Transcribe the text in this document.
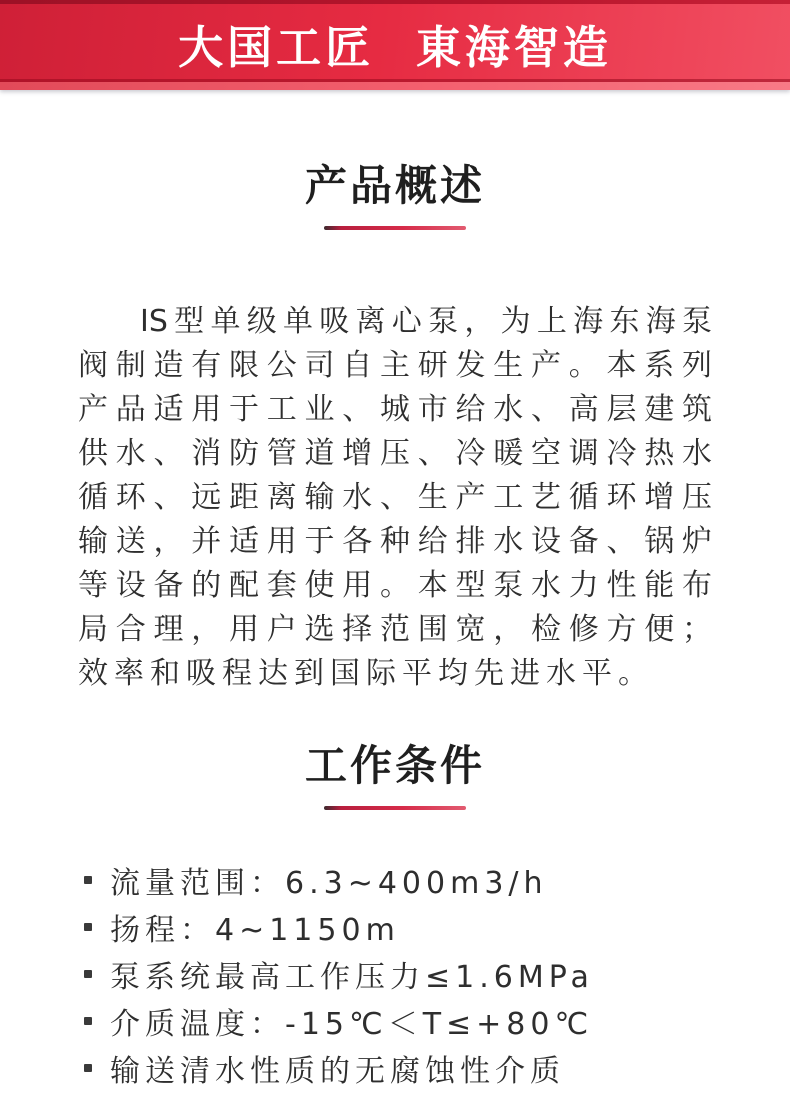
大国工匠 東海智造
产品概述
IS型单级单吸离心泵，为上海东海泵
阀制造有限公司自主研发生产。本系列
产品适用于工业、城市给水、高层建筑
供水、消防管道增压、冷暖空调冷热水
循环、远距离输水、生产工艺循环增压
输送，并适用于各种给排水设备、锅炉
等设备的配套使用。本型泵水力性能布
局合理，用户选择范围宽，检修方便；
效率和吸程达到国际平均先进水平。
工作条件
流量范围：6.3~400m3/h
扬程：4~1150m
泵系统最高工作压力≤1.6MPa
介质温度：-15℃＜T≤+80℃
输送清水性质的无腐蚀性介质
